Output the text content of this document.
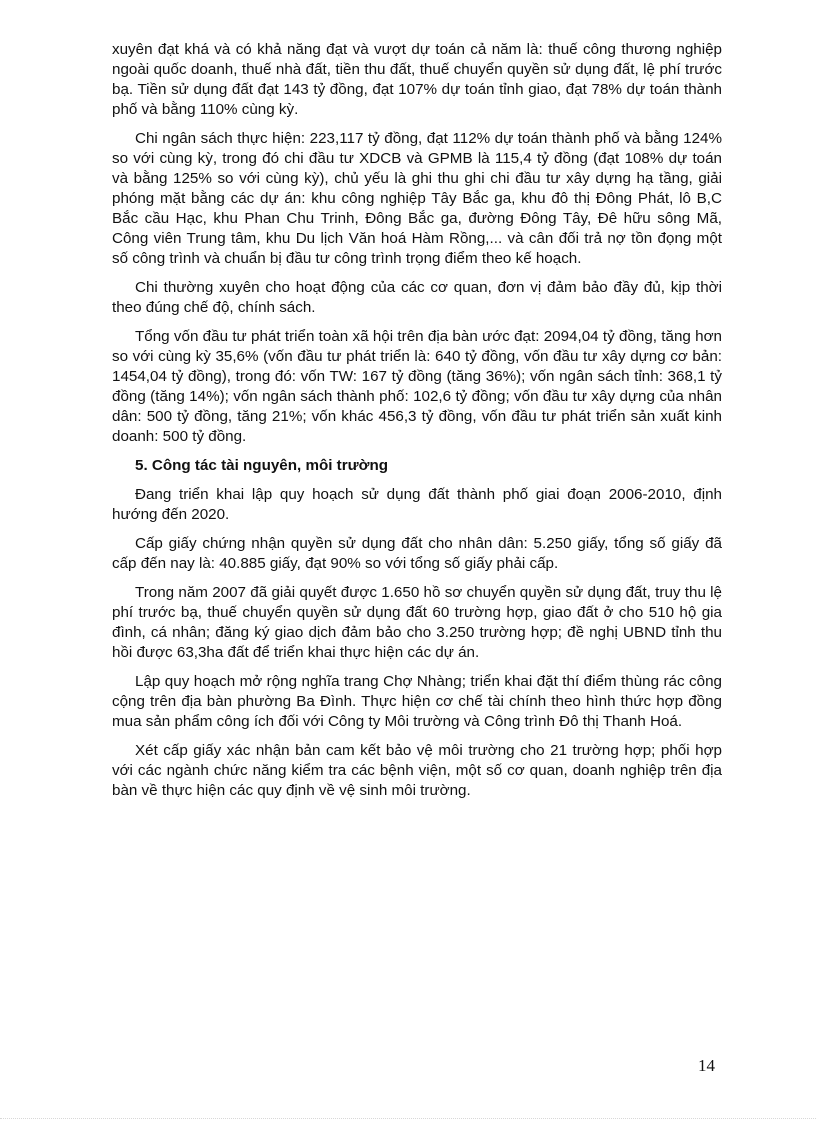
xuyên đạt khá và có khả năng đạt và vượt dự toán cả năm là: thuế công thương nghiệp ngoài quốc doanh, thuế nhà đất, tiền thu đất, thuế chuyển quyền sử dụng đất, lệ phí trước bạ. Tiền sử dụng đất đạt 143 tỷ đồng, đạt 107% dự toán tỉnh giao, đạt 78% dự toán thành phố và bằng 110% cùng kỳ.

Chi ngân sách thực hiện: 223,117 tỷ đồng, đạt 112% dự toán thành phố và bằng 124% so với cùng kỳ, trong đó chi đầu tư XDCB và GPMB là 115,4 tỷ đồng (đạt 108% dự toán và bằng 125% so với cùng kỳ), chủ yếu là ghi thu ghi chi đầu tư xây dựng hạ tầng, giải phóng mặt bằng các dự án: khu công nghiệp Tây Bắc ga, khu đô thị Đông Phát, lô B,C Bắc cầu Hạc, khu Phan Chu Trinh, Đông Bắc ga, đường Đông Tây, Đê hữu sông Mã, Công viên Trung tâm, khu Du lịch Văn hoá Hàm Rồng,... và cân đối trả nợ tồn đọng một số công trình và chuẩn bị đầu tư công trình trọng điểm theo kế hoạch.

Chi thường xuyên cho hoạt động của các cơ quan, đơn vị đảm bảo đầy đủ, kịp thời theo đúng chế độ, chính sách.

Tổng vốn đầu tư phát triển toàn xã hội trên địa bàn ước đạt: 2094,04 tỷ đồng, tăng hơn so với cùng kỳ 35,6% (vốn đầu tư phát triển là: 640 tỷ đồng, vốn đầu tư xây dựng cơ bản: 1454,04 tỷ đồng), trong đó: vốn TW: 167 tỷ đồng (tăng 36%); vốn ngân sách tỉnh: 368,1 tỷ đồng (tăng 14%); vốn ngân sách thành phố: 102,6 tỷ đồng; vốn đầu tư xây dựng của nhân dân: 500 tỷ đồng, tăng 21%; vốn khác 456,3 tỷ đồng, vốn đầu tư phát triển sản xuất kinh doanh: 500 tỷ đồng.

5. Công tác tài nguyên, môi trường

Đang triển khai lập quy hoạch sử dụng đất thành phố giai đoạn 2006-2010, định hướng đến 2020.

Cấp giấy chứng nhận quyền sử dụng đất cho nhân dân: 5.250 giấy, tổng số giấy đã cấp đến nay là: 40.885 giấy, đạt 90% so với tổng số giấy phải cấp.

Trong năm 2007 đã giải quyết được 1.650 hồ sơ chuyển quyền sử dụng đất, truy thu lệ phí trước bạ, thuế chuyển quyền sử dụng đất 60 trường hợp, giao đất ở cho 510 hộ gia đình, cá nhân; đăng ký giao dịch đảm bảo cho 3.250 trường hợp; đề nghị UBND tỉnh thu hồi được 63,3ha đất để triển khai thực hiện các dự án.

Lập quy hoạch mở rộng nghĩa trang Chợ Nhàng; triển khai đặt thí điểm thùng rác công cộng trên địa bàn phường Ba Đình. Thực hiện cơ chế tài chính theo hình thức hợp đồng mua sản phẩm công ích đối với Công ty Môi trường và Công trình Đô thị Thanh Hoá.

Xét cấp giấy xác nhận bản cam kết bảo vệ môi trường cho 21 trường hợp; phối hợp với các ngành chức năng kiểm tra các bệnh viện, một số cơ quan, doanh nghiệp trên địa bàn về thực hiện các quy định về vệ sinh môi trường.

14
